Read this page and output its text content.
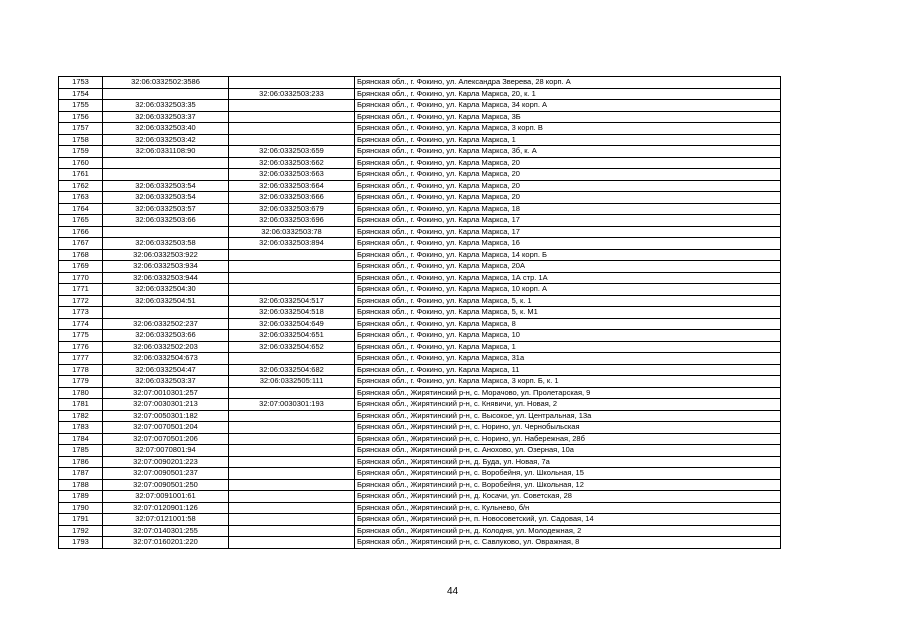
1753	32:06:0332502:3586		Брянская обл., г. Фокино, ул. Александра Зверева, 28 корп. А
1754		32:06:0332503:233	Брянская обл., г. Фокино, ул. Карла Маркса, 20, к. 1
1755	32:06:0332503:35		Брянская обл., г. Фокино, ул. Карла Маркса, 34 корп. А
1756	32:06:0332503:37		Брянская обл., г. Фокино, ул. Карла Маркса, 3Б
1757	32:06:0332503:40		Брянская обл., г. Фокино, ул. Карла Маркса, 3 корп. В
1758	32:06:0332503:42		Брянская обл., г. Фокино, ул. Карла Маркса, 1
1759	32:06:0331108:90	32:06:0332503:659	Брянская обл., г. Фокино, ул. Карла Маркса, 3б, к. А
1760		32:06:0332503:662	Брянская обл., г. Фокино, ул. Карла Маркса, 20
1761		32:06:0332503:663	Брянская обл., г. Фокино, ул. Карла Маркса, 20
1762	32:06:0332503:54	32:06:0332503:664	Брянская обл., г. Фокино, ул. Карла Маркса, 20
1763	32:06:0332503:54	32:06:0332503:666	Брянская обл., г. Фокино, ул. Карла Маркса, 20
1764	32:06:0332503:57	32:06:0332503:679	Брянская обл., г. Фокино, ул. Карла Маркса, 18
1765	32:06:0332503:66	32:06:0332503:696	Брянская обл., г. Фокино, ул. Карла Маркса, 17
1766		32:06:0332503:78	Брянская обл., г. Фокино, ул. Карла Маркса, 17
1767	32:06:0332503:58	32:06:0332503:894	Брянская обл., г. Фокино, ул. Карла Маркса, 16
1768	32:06:0332503:922		Брянская обл., г. Фокино, ул. Карла Маркса, 14 корп. Б
1769	32:06:0332503:934		Брянская обл., г. Фокино, ул. Карла Маркса, 20А
1770	32:06:0332503:944		Брянская обл., г. Фокино, ул. Карла Маркса, 1А стр. 1А
1771	32:06:0332504:30		Брянская обл., г. Фокино, ул. Карла Маркса, 10 корп. А
1772	32:06:0332504:51	32:06:0332504:517	Брянская обл., г. Фокино, ул. Карла Маркса, 5, к. 1
1773		32:06:0332504:518	Брянская обл., г. Фокино, ул. Карла Маркса, 5, к. М1
1774	32:06:0332502:237	32:06:0332504:649	Брянская обл., г. Фокино, ул. Карла Маркса, 8
1775	32:06:0332503:66	32:06:0332504:651	Брянская обл., г. Фокино, ул. Карла Маркса, 10
1776	32:06:0332502:203	32:06:0332504:652	Брянская обл., г. Фокино, ул. Карла Маркса, 1
1777	32:06:0332504:673		Брянская обл., г. Фокино, ул. Карла Маркса, 31а
1778	32:06:0332504:47	32:06:0332504:682	Брянская обл., г. Фокино, ул. Карла Маркса, 11
1779	32:06:0332503:37	32:06:0332505:111	Брянская обл., г. Фокино, ул. Карла Маркса, 3 корп. Б, к. 1
1780	32:07:0010301:257		Брянская обл., Жирятинский р-н, с. Морачово, ул. Пролетарская, 9
1781	32:07:0030301:213	32:07:0030301:193	Брянская обл., Жирятинский р-н, с. Княвичи, ул. Новая, 2
1782	32:07:0050301:182		Брянская обл., Жирятинский р-н, с. Высокое, ул. Центральная, 13а
1783	32:07:0070501:204		Брянская обл., Жирятинский р-н, с. Норино, ул. Чернобыльская
1784	32:07:0070501:206		Брянская обл., Жирятинский р-н, с. Норино, ул. Набережная, 28б
1785	32:07:0070801:94		Брянская обл., Жирятинский р-н, с. Анохово, ул. Озерная, 10а
1786	32:07:0090201:223		Брянская обл., Жирятинский р-н, д. Буда, ул. Новая, 7а
1787	32:07:0090501:237		Брянская обл., Жирятинский р-н, с. Воробейня, ул. Школьная, 15
1788	32:07:0090501:250		Брянская обл., Жирятинский р-н, с. Воробейня, ул. Школьная, 12
1789	32:07:0091001:61		Брянская обл., Жирятинский р-н, д. Косачи, ул. Советская, 28
1790	32:07:0120901:126		Брянская обл., Жирятинский р-н, с. Кульнево, б/н
1791	32:07:0121001:58		Брянская обл., Жирятинский р-н, п. Новосоветский, ул. Садовая, 14
1792	32:07:0140301:255		Брянская обл., Жирятинский р-н, д. Колодня, ул. Молодежная, 2
1793	32:07:0160201:220		Брянская обл., Жирятинский р-н, с. Савлуково, ул. Овражная, 8
44
